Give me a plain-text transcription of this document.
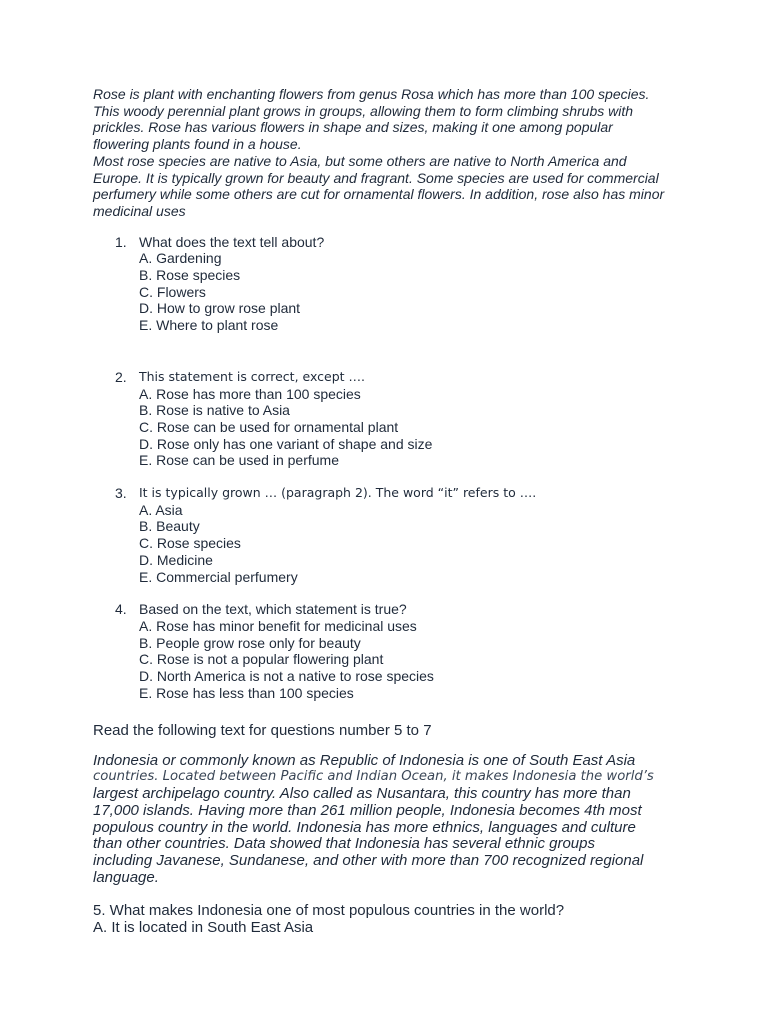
Rose is plant with enchanting flowers from genus Rosa which has more than 100 species.

This woody perennial plant grows in groups, allowing them to form climbing shrubs with

prickles. Rose has various flowers in shape and sizes, making it one among popular

flowering plants found in a house.

Most rose species are native to Asia, but some others are native to North America and

Europe. It is typically grown for beauty and fragrant. Some species are used for commercial

perfumery while some others are cut for ornamental flowers. In addition, rose also has minor

medicinal uses

1. What does the text tell about?
A. Gardening
B. Rose species
C. Flowers
D. How to grow rose plant
E. Where to plant rose
2. This statement is correct, except ….
A. Rose has more than 100 species
B. Rose is native to Asia
C. Rose can be used for ornamental plant
D. Rose only has one variant of shape and size
E. Rose can be used in perfume
3. It is typically grown … (paragraph 2). The word “it” refers to ….
A. Asia
B. Beauty
C. Rose species
D. Medicine
E. Commercial perfumery
4. Based on the text, which statement is true?
A. Rose has minor benefit for medicinal uses
B. People grow rose only for beauty
C. Rose is not a popular flowering plant
D. North America is not a native to rose species
E. Rose has less than 100 species
Read the following text for questions number 5 to 7
Indonesia or commonly known as Republic of Indonesia is one of South East Asia
countries. Located between Pacific and Indian Ocean, it makes Indonesia the world’s
largest archipelago country. Also called as Nusantara, this country has more than
17,000 islands. Having more than 261 million people, Indonesia becomes 4th most
populous country in the world. Indonesia has more ethnics, languages and culture
than other countries. Data showed that Indonesia has several ethnic groups
including Javanese, Sundanese, and other with more than 700 recognized regional
language.
5. What makes Indonesia one of most populous countries in the world?
A. It is located in South East Asia
